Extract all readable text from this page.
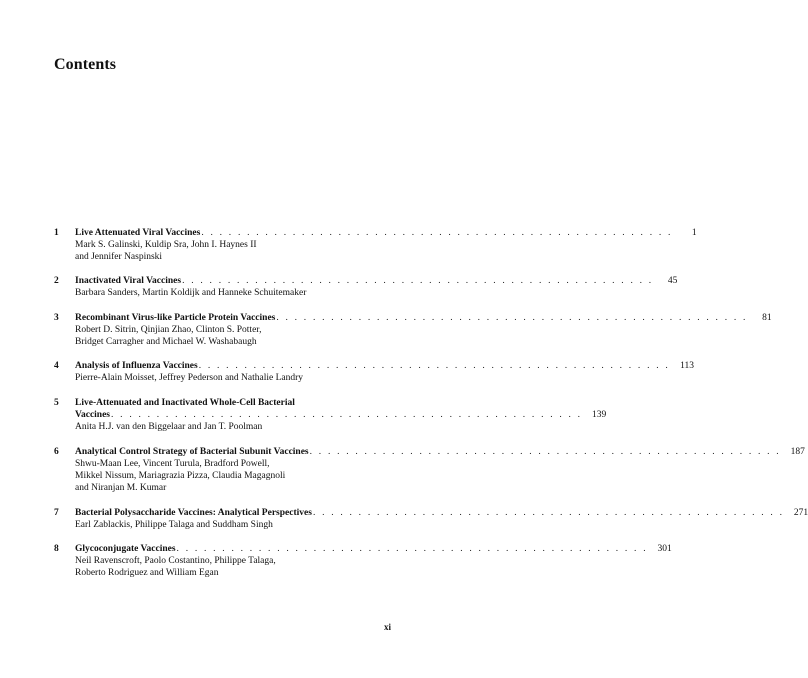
Contents
1	Live Attenuated Viral Vaccines . . . . . . . . . . . . . . . . . . . . . . . . . . . . . . . . . . . . . . . . . . . . . . . . . . . .	1
Mark S. Galinski, Kuldip Sra, John I. Haynes II
and Jennifer Naspinski
2	Inactivated Viral Vaccines . . . . . . . . . . . . . . . . . . . . . . . . . . . . . . . . . . . . . . . . . . . . . . . . . . . .	45
Barbara Sanders, Martin Koldijk and Hanneke Schuitemaker
3	Recombinant Virus-like Particle Protein Vaccines . . . . . . . . . . . . . . . . . . . . . . . . . . . . . . . . . . . . . . . . . . . . . . . . . . . .	81
Robert D. Sitrin, Qinjian Zhao, Clinton S. Potter,
Bridget Carragher and Michael W. Washabaugh
4	Analysis of Influenza Vaccines . . . . . . . . . . . . . . . . . . . . . . . . . . . . . . . . . . . . . . . . . . . . . . . . . . . .	113
Pierre-Alain Moisset, Jeffrey Pederson and Nathalie Landry
5	Live-Attenuated and Inactivated Whole-Cell Bacterial
Vaccines . . . . . . . . . . . . . . . . . . . . . . . . . . . . . . . . . . . . . . . . . . . . . . . . . . . .	139
Anita H.J. van den Biggelaar and Jan T. Poolman
6	Analytical Control Strategy of Bacterial Subunit Vaccines . . . . . . . . . . . . . . . . . . . . . . . . . . . . . . . . . . . . . . . . . . . . . . . . . . . .	187
Shwu-Maan Lee, Vincent Turula, Bradford Powell,
Mikkel Nissum, Mariagrazia Pizza, Claudia Magagnoli
and Niranjan M. Kumar
7	Bacterial Polysaccharide Vaccines: Analytical Perspectives . . . . . . . . . . . . . . . . . . . . . . . . . . . . . . . . . . . . . . . . . . . . . . . . . . . .	271
Earl Zablackis, Philippe Talaga and Suddham Singh
8	Glycoconjugate Vaccines . . . . . . . . . . . . . . . . . . . . . . . . . . . . . . . . . . . . . . . . . . . . . . . . . . . .	301
Neil Ravenscroft, Paolo Costantino, Philippe Talaga,
Roberto Rodriguez and William Egan
xi
